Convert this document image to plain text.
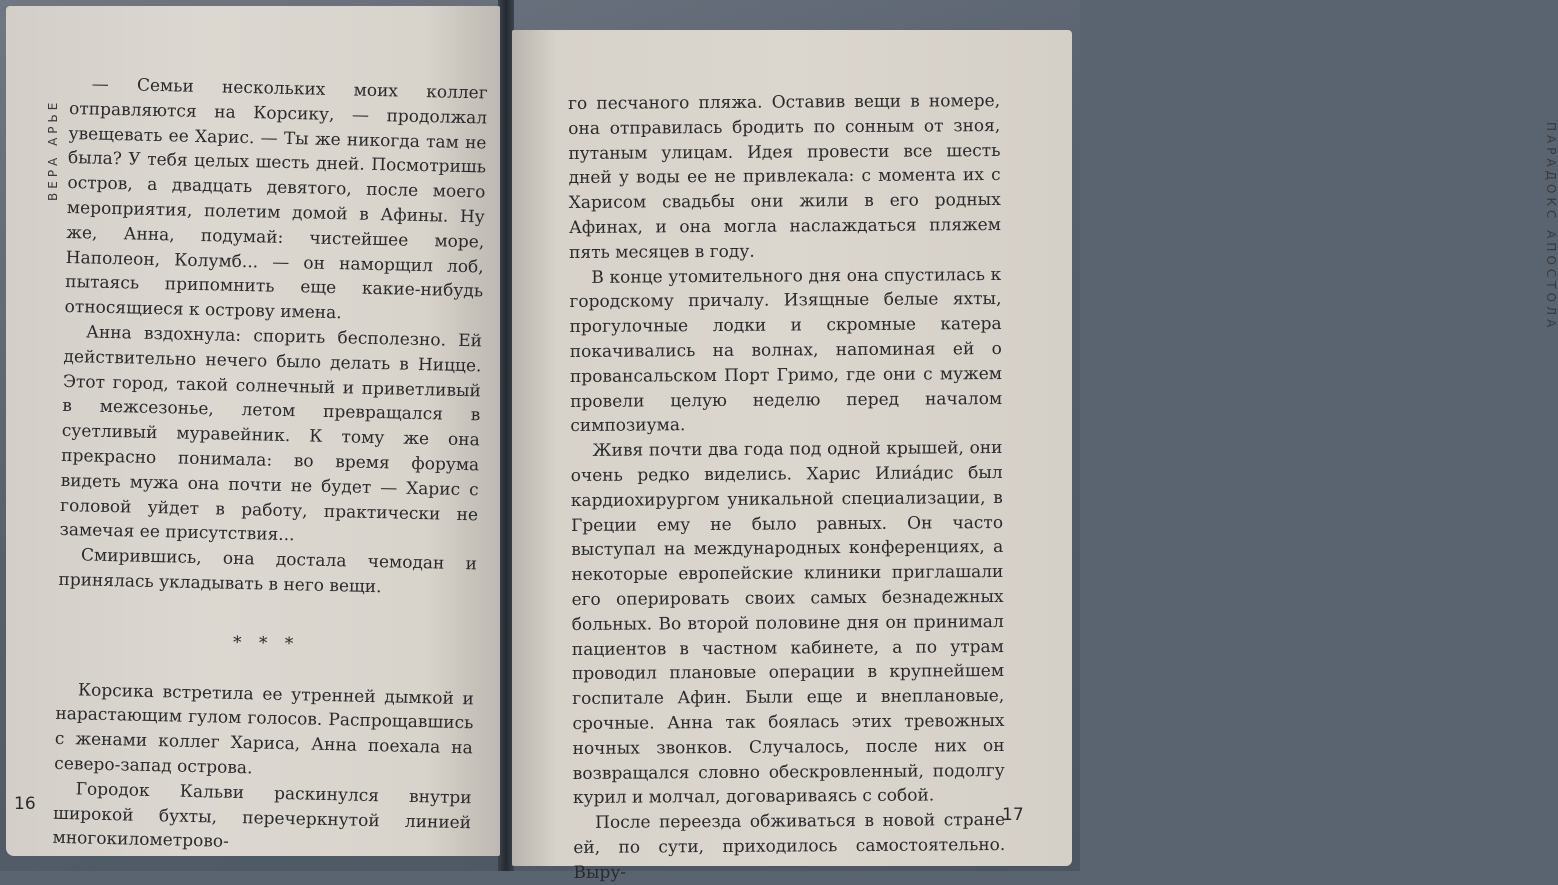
ВЕРА АРЬЕ

— Семьи нескольких моих коллег отправляются на Корсику, — продолжал увещевать ее Харис. — Ты же никогда там не была? У тебя целых шесть дней. Посмотришь остров, а двадцать девятого, после моего мероприятия, полетим домой в Афины. Ну же, Анна, подумай: чистейшее море, Наполеон, Колумб... — он наморщил лоб, пытаясь припомнить еще какие-нибудь относящиеся к острову имена.

Анна вздохнула: спорить бесполезно. Ей действительно нечего было делать в Ницце. Этот город, такой солнечный и приветливый в межсезонье, летом превращался в суетливый муравейник. К тому же она прекрасно понимала: во время форума видеть мужа она почти не будет — Харис с головой уйдет в работу, практически не замечая ее присутствия...

Смирившись, она достала чемодан и принялась укладывать в него вещи.

* * *

Корсика встретила ее утренней дымкой и нарастающим гулом голосов. Распрощавшись с женами коллег Хариса, Анна поехала на северо-запад острова.

Городок Кальви раскинулся внутри широкой бухты, перечеркнутой линией многокилометрово-

16
ПАРАДОКС АПОСТОЛА

го песчаного пляжа. Оставив вещи в номере, она отправилась бродить по сонным от зноя, путаным улицам. Идея провести все шесть дней у воды ее не привлекала: с момента их с Харисом свадьбы они жили в его родных Афинах, и она могла наслаждаться пляжем пять месяцев в году.

В конце утомительного дня она спустилась к городскому причалу. Изящные белые яхты, прогулочные лодки и скромные катера покачивались на волнах, напоминая ей о провансальском Порт Гримо, где они с мужем провели целую неделю перед началом симпозиума.

Живя почти два года под одной крышей, они очень редко виделись. Харис Илиа́дис был кардиохирургом уникальной специализации, в Греции ему не было равных. Он часто выступал на международных конференциях, а некоторые европейские клиники приглашали его оперировать своих самых безнадежных больных. Во второй половине дня он принимал пациентов в частном кабинете, а по утрам проводил плановые операции в крупнейшем госпитале Афин. Были еще и внеплановые, срочные. Анна так боялась этих тревожных ночных звонков. Случалось, после них он возвращался словно обескровленный, подолгу курил и молчал, договариваясь с собой.

После переезда обживаться в новой стране ей, по сути, приходилось самостоятельно. Выру-

17
